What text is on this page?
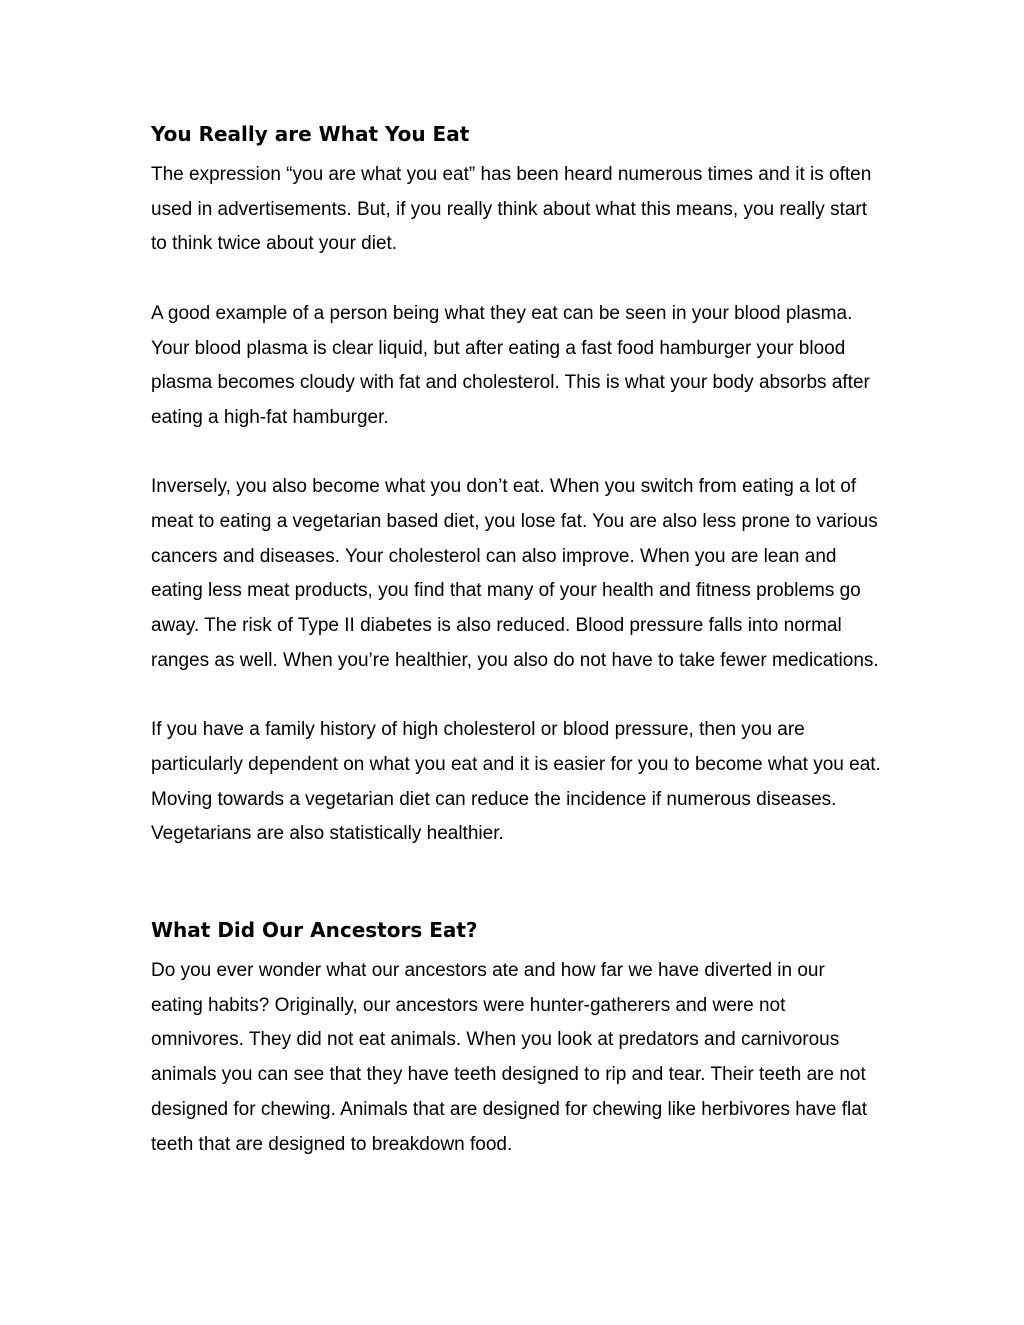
You Really are What You Eat

The expression “you are what you eat” has been heard numerous times and it is often used in advertisements. But, if you really think about what this means, you really start to think twice about your diet.

A good example of a person being what they eat can be seen in your blood plasma. Your blood plasma is clear liquid, but after eating a fast food hamburger your blood plasma becomes cloudy with fat and cholesterol. This is what your body absorbs after eating a high-fat hamburger.

Inversely, you also become what you don’t eat. When you switch from eating a lot of meat to eating a vegetarian based diet, you lose fat. You are also less prone to various cancers and diseases. Your cholesterol can also improve. When you are lean and eating less meat products, you find that many of your health and fitness problems go away. The risk of Type II diabetes is also reduced. Blood pressure falls into normal ranges as well. When you’re healthier, you also do not have to take fewer medications.

If you have a family history of high cholesterol or blood pressure, then you are particularly dependent on what you eat and it is easier for you to become what you eat. Moving towards a vegetarian diet can reduce the incidence if numerous diseases. Vegetarians are also statistically healthier.

What Did Our Ancestors Eat?

Do you ever wonder what our ancestors ate and how far we have diverted in our eating habits? Originally, our ancestors were hunter-gatherers and were not omnivores. They did not eat animals. When you look at predators and carnivorous animals you can see that they have teeth designed to rip and tear. Their teeth are not designed for chewing. Animals that are designed for chewing like herbivores have flat teeth that are designed to breakdown food.
